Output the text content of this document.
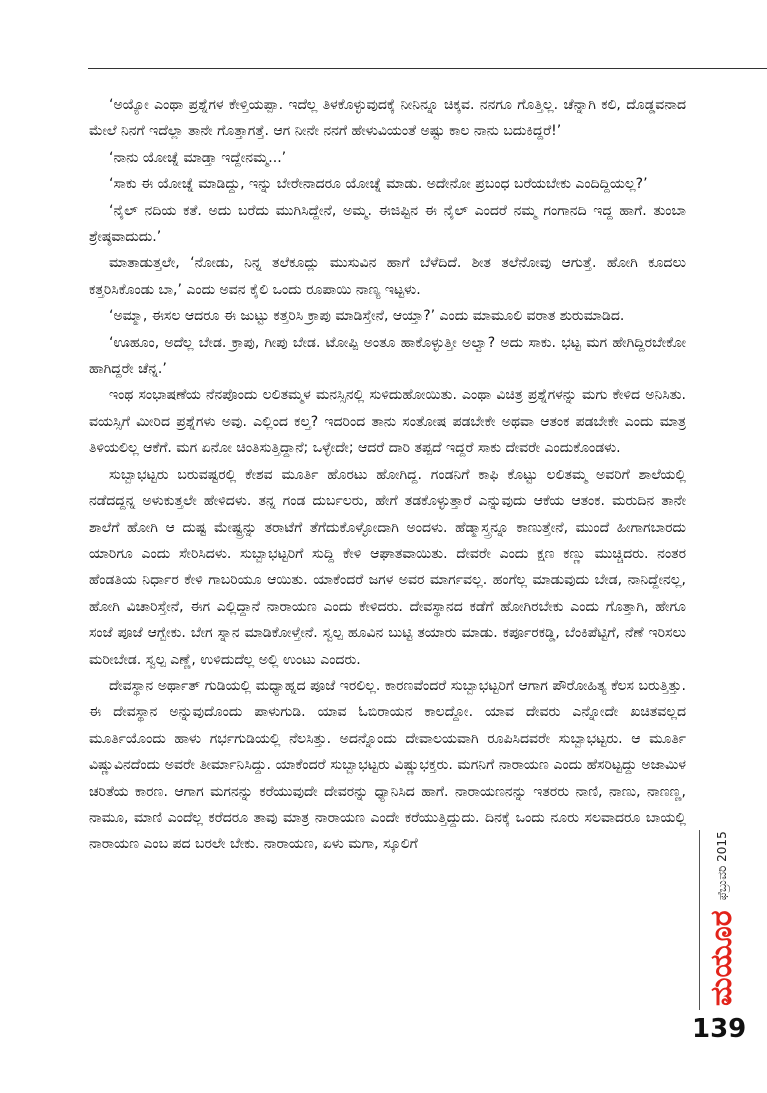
‘ಅಯ್ಯೋ ಎಂಥಾ ಪ್ರಶ್ನೆಗಳ ಕೇಳ್ತಿಯಪ್ಪಾ. ಇದೆಲ್ಲ ತಿಳಕೊಳ್ಳುವುದಕ್ಕೆ ನೀನಿನ್ನೂ ಚಿಕ್ಕವ. ನನಗೂ ಗೊತ್ತಿಲ್ಲ. ಚೆನ್ನಾಗಿ ಕಲಿ, ದೊಡ್ಡವನಾದ ಮೇಲೆ ನಿನಗೆ ಇದೆಲ್ಲಾ ತಾನೇ ಗೊತ್ತಾಗತ್ತೆ. ಆಗ ನೀನೇ ನನಗೆ ಹೇಳುವಿಯಂತೆ ಅಷ್ಟು ಕಾಲ ನಾನು ಬದುಕಿದ್ದರೆ!’

‘ನಾನು ಯೋಚ್ನೆ ಮಾಡ್ತಾ ಇದ್ದೇನಮ್ಮ...’

‘ಸಾಕು ಈ ಯೋಚ್ನೆ ಮಾಡಿದ್ದು, ಇನ್ನು ಬೇರೇನಾದರೂ ಯೋಚ್ನೆ ಮಾಡು. ಅದೇನೋ ಪ್ರಬಂಧ ಬರೆಯಬೇಕು ಎಂದಿದ್ದಿಯಲ್ಲ?’

‘ನೈಲ್ ನದಿಯ ಕತೆ. ಅದು ಬರೆದು ಮುಗಿಸಿದ್ದೇನೆ, ಅಮ್ಮ. ಈಜಿಪ್ಟಿನ ಈ ನೈಲ್ ಎಂದರೆ ನಮ್ಮ ಗಂಗಾನದಿ ಇದ್ದ ಹಾಗೆ. ತುಂಬಾ ಶ್ರೇಷ್ಠವಾದುದು.’

ಮಾತಾಡುತ್ತಲೇ, ‘ನೋಡು, ನಿನ್ನ ತಲೆಕೂದ್ಲು ಮುಸುವಿನ ಹಾಗೆ ಬೆಳೆದಿದೆ. ಶೀತ ತಲೆನೋವು ಆಗುತ್ತೆ. ಹೋಗಿ ಕೂದಲು ಕತ್ತರಿಸಿಕೊಂಡು ಬಾ,’ ಎಂದು ಅವನ ಕೈಲಿ ಒಂದು ರೂಪಾಯಿ ನಾಣ್ಯ ಇಟ್ಟಳು.

‘ಅಮ್ಮಾ, ಈಸಲ ಆದರೂ ಈ ಜುಟ್ಟು ಕತ್ತರಿಸಿ ಕ್ರಾಪು ಮಾಡಿಸ್ತೇನೆ, ಆಯ್ತಾ?’ ಎಂದು ಮಾಮೂಲಿ ವರಾತ ಶುರುಮಾಡಿದ.

‘ಊಹೂಂ, ಅದೆಲ್ಲ ಬೇಡ. ಕ್ರಾಪು, ಗೀಪು ಬೇಡ. ಟೋಪ್ಪಿ ಅಂತೂ ಹಾಕೊಳ್ಳುತ್ತೀ ಅಲ್ವಾ? ಅದು ಸಾಕು. ಭಟ್ಟ ಮಗ ಹೇಗಿದ್ದಿರಬೇಕೋ ಹಾಗಿದ್ದರೇ ಚೆನ್ನ.’

ಇಂಥ ಸಂಭಾಷಣೆಯ ನೆನಪೊಂದು ಲಲಿತಮ್ಮಳ ಮನಸ್ಸಿನಲ್ಲಿ ಸುಳಿದುಹೋಯಿತು. ಎಂಥಾ ವಿಚಿತ್ರ ಪ್ರಶ್ನೆಗಳನ್ನು ಮಗು ಕೇಳಿದ ಅನಿಸಿತು. ವಯಸ್ಸಿಗೆ ಮೀರಿದ ಪ್ರಶ್ನೆಗಳು ಅವು. ಎಲ್ಲಿಂದ ಕಲ್ತ? ಇದರಿಂದ ತಾನು ಸಂತೋಷ ಪಡಬೇಕೇ ಅಥವಾ ಆತಂಕ ಪಡಬೇಕೇ ಎಂದು ಮಾತ್ರ ತಿಳಿಯಲಿಲ್ಲ ಆಕೆಗೆ. ಮಗ ಏನೋ ಚಿಂತಿಸುತ್ತಿದ್ದಾನೆ; ಒಳ್ಳೇದೇ; ಆದರೆ ದಾರಿ ತಪ್ಪದೆ ಇದ್ದರೆ ಸಾಕು ದೇವರೇ ಎಂದುಕೊಂಡಳು.

ಸುಬ್ಬಾಭಟ್ಟರು ಬರುವಷ್ಟರಲ್ಲಿ ಕೇಶವ ಮೂರ್ತಿ ಹೊರಟು ಹೋಗಿದ್ದ. ಗಂಡನಿಗೆ ಕಾಫಿ ಕೊಟ್ಟು ಲಲಿತಮ್ಮ ಅವರಿಗೆ ಶಾಲೆಯಲ್ಲಿ ನಡೆದದ್ದನ್ನ ಅಳುಕುತ್ತಲೇ ಹೇಳಿದಳು. ತನ್ನ ಗಂಡ ದುರ್ಬಲರು, ಹೇಗೆ ತಡಕೊಳ್ಳುತ್ತಾರೆ ಎನ್ನುವುದು ಆಕೆಯ ಆತಂಕ. ಮರುದಿನ ತಾನೇ ಶಾಲೆಗೆ ಹೋಗಿ ಆ ದುಷ್ಟ ಮೇಷ್ಟ್ರನ್ನು ತರಾಟೆಗೆ ತೆಗೆದುಕೊಳ್ಳೋದಾಗಿ ಅಂದಳು. ಹೆಡ್ಮಾಸ್ತ್ರನ್ನೂ ಕಾಣುತ್ತೇನೆ, ಮುಂದೆ ಹೀಗಾಗಬಾರದು ಯಾರಿಗೂ ಎಂದು ಸೇರಿಸಿದಳು. ಸುಬ್ಬಾಭಟ್ಟರಿಗೆ ಸುದ್ದಿ ಕೇಳಿ ಆಘಾತವಾಯಿತು. ದೇವರೇ ಎಂದು ಕ್ಷಣ ಕಣ್ಣು ಮುಚ್ಚಿದರು. ನಂತರ ಹೆಂಡತಿಯ ನಿರ್ಧಾರ ಕೇಳಿ ಗಾಬರಿಯೂ ಆಯಿತು. ಯಾಕೆಂದರೆ ಜಗಳ ಅವರ ಮಾರ್ಗವಲ್ಲ. ಹಂಗೆಲ್ಲ ಮಾಡುವುದು ಬೇಡ, ನಾನಿದ್ದೇನಲ್ಲ, ಹೋಗಿ ವಿಚಾರಿಸ್ತೇನೆ, ಈಗ ಎಲ್ಲಿದ್ದಾನೆ ನಾರಾಯಣ ಎಂದು ಕೇಳಿದರು. ದೇವಸ್ಥಾನದ ಕಡೆಗೆ ಹೋಗಿರಬೇಕು ಎಂದು ಗೊತ್ತಾಗಿ, ಹೇಗೂ ಸಂಜೆ ಪೂಜೆ ಆಗ್ಬೇಕು. ಬೇಗ ಸ್ನಾನ ಮಾಡಿಕೋಳ್ತೇನೆ. ಸ್ವಲ್ಪ ಹೂವಿನ ಬುಟ್ಟಿ ತಯಾರು ಮಾಡು. ಕರ್ಪೂರಕಡ್ಡಿ, ಬೆಂಕಿಪೆಟ್ಟಿಗೆ, ನೆಣೆ ಇರಿಸಲು ಮರೀಬೇಡ. ಸ್ವಲ್ಪ ಎಣ್ಣೆ, ಉಳಿದುದೆಲ್ಲ ಅಲ್ಲಿ ಉಂಟು ಎಂದರು.

ದೇವಸ್ಥಾನ ಅರ್ಥಾತ್ ಗುಡಿಯಲ್ಲಿ ಮಧ್ಯಾಹ್ನದ ಪೂಜೆ ಇರಲಿಲ್ಲ. ಕಾರಣವೆಂದರೆ ಸುಬ್ಬಾಭಟ್ಟರಿಗೆ ಆಗಾಗ ಪೌರೋಹಿತ್ಯ ಕೆಲಸ ಬರುತ್ತಿತ್ತು. ಈ ದೇವಸ್ಥಾನ ಅನ್ನುವುದೊಂದು ಪಾಳುಗುಡಿ. ಯಾವ ಓಬಿರಾಯನ ಕಾಲದ್ದೋ. ಯಾವ ದೇವರು ಎನ್ನೋದೇ ಖಚಿತವಲ್ಲದ ಮೂರ್ತಿಯೊಂದು ಹಾಳು ಗರ್ಭಗುಡಿಯಲ್ಲಿ ನೆಲಸಿತ್ತು. ಅದನ್ನೊಂದು ದೇವಾಲಯವಾಗಿ ರೂಪಿಸಿದವರೇ ಸುಬ್ಬಾಭಟ್ಟರು. ಆ ಮೂರ್ತಿ ವಿಷ್ಣುವಿನದೆಂದು ಅವರೇ ತೀರ್ಮಾನಿಸಿದ್ದು. ಯಾಕೆಂದರೆ ಸುಬ್ಬಾಭಟ್ಟರು ವಿಷ್ಣುಭಕ್ತರು. ಮಗನಿಗೆ ನಾರಾಯಣ ಎಂದು ಹೆಸರಿಟ್ಟದ್ದು ಅಜಾಮಿಳ ಚರಿತೆಯ ಕಾರಣ. ಆಗಾಗ ಮಗನನ್ನು ಕರೆಯುವುದೇ ದೇವರನ್ನು ಧ್ಯಾನಿಸಿದ ಹಾಗೆ. ನಾರಾಯಣನನ್ನು ಇತರರು ನಾಣಿ, ನಾಣು, ನಾಣಣ್ಣ, ನಾಮೂ, ಮಾಣಿ ಎಂದೆಲ್ಲ ಕರೆದರೂ ತಾವು ಮಾತ್ರ ನಾರಾಯಣ ಎಂದೇ ಕರೆಯುತ್ತಿದ್ದುದು. ದಿನಕ್ಕೆ ಒಂದು ನೂರು ಸಲವಾದರೂ ಬಾಯಲ್ಲಿ ನಾರಾಯಣ ಎಂಬ ಪದ ಬರಲೇ ಬೇಕು. ನಾರಾಯಣ, ಏಳು ಮಗಾ, ಸ್ಕೂಲಿಗೆ

ಮಯೂರ
ಫೆಬ್ರುವರಿ 2015
139
